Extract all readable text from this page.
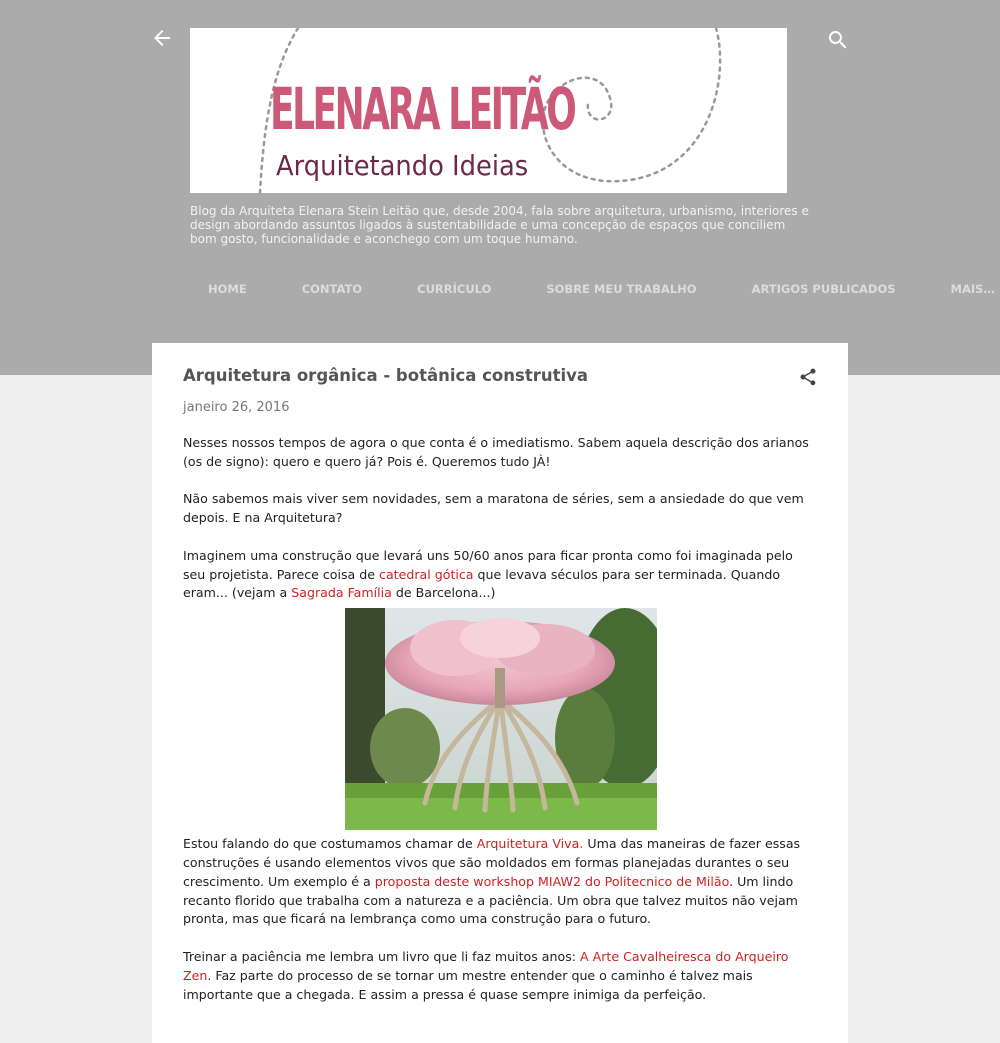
ELENARA LEITÃO
Arquitetando Ideias
Blog da Arquiteta Elenara Stein Leitão que, desde 2004, fala sobre arquitetura, urbanismo, interiores e design abordando assuntos ligados à sustentabilidade e uma concepção de espaços que conciliem bom gosto, funcionalidade e aconchego com um toque humano.
HOME	CONTATO	CURRÍCULO	SOBRE MEU TRABALHO	ARTIGOS PUBLICADOS	MAIS…
Arquitetura orgânica - botânica construtiva
janeiro 26, 2016

Nesses nossos tempos de agora o que conta é o imediatismo. Sabem aquela descrição dos arianos (os de signo): quero e quero já? Pois é. Queremos tudo JÀ!

Não sabemos mais viver sem novidades, sem a maratona de séries, sem a ansiedade do que vem depois. E na Arquitetura?

Imaginem uma construção que levará uns 50/60 anos para ficar pronta como foi imaginada pelo seu projetista. Parece coisa de catedral gótica que levava séculos para ser terminada. Quando eram... (vejam a Sagrada Família de Barcelona...)

Estou falando do que costumamos chamar de Arquitetura Viva. Uma das maneiras de fazer essas construções é usando elementos vivos que são moldados em formas planejadas durantes o seu crescimento. Um exemplo é a proposta deste workshop MIAW2 do Politecnico de Milão. Um lindo recanto florido que trabalha com a natureza e a paciência. Um obra que talvez muitos não vejam pronta, mas que ficará na lembrança como uma construção para o futuro.

Treinar a paciência me lembra um livro que li faz muitos anos: A Arte Cavalheiresca do Arqueiro Zen. Faz parte do processo de se tornar um mestre entender que o caminho é talvez mais importante que a chegada. E assim a pressa é quase sempre inimiga da perfeição.
